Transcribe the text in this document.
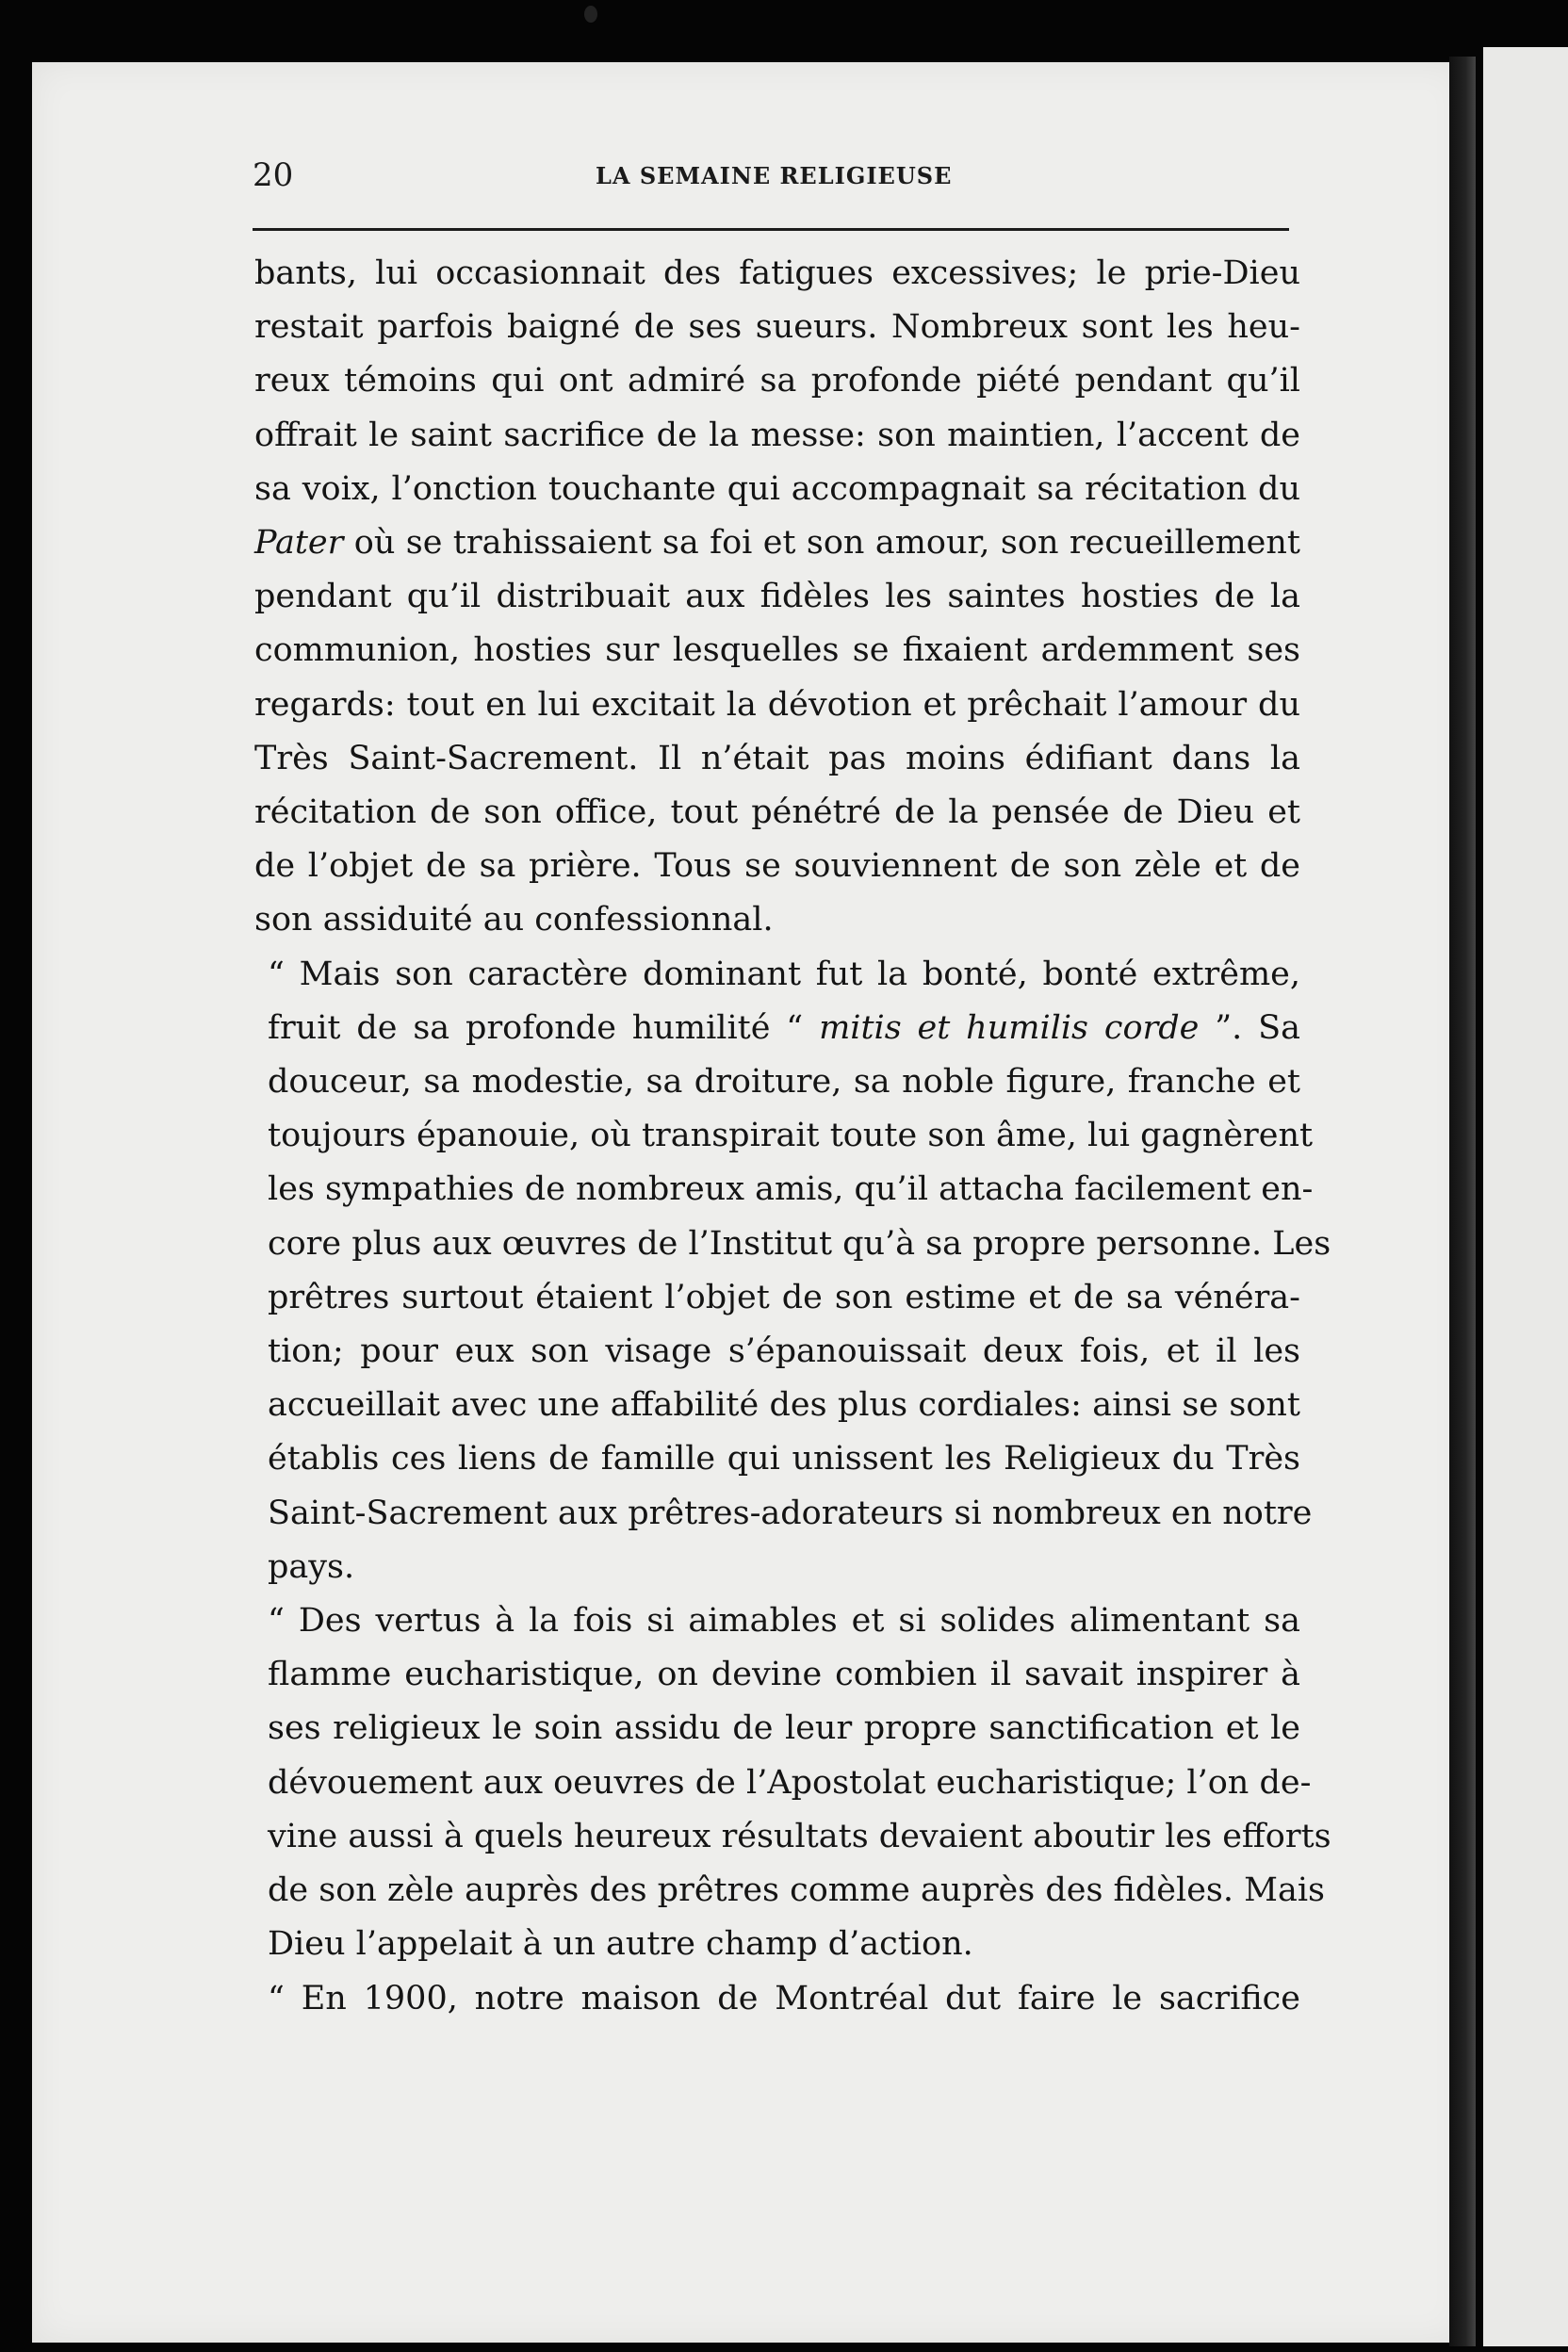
20	LA SEMAINE RELIGIEUSE

bants, lui occasionnait des fatigues excessives; le prie-Dieu
restait parfois baigné de ses sueurs. Nombreux sont les heu-
reux témoins qui ont admiré sa profonde piété pendant qu’il
offrait le saint sacrifice de la messe: son maintien, l’accent de
sa voix, l’onction touchante qui accompagnait sa récitation du
Pater où se trahissaient sa foi et son amour, son recueillement
pendant qu’il distribuait aux fidèles les saintes hosties de la
communion, hosties sur lesquelles se fixaient ardemment ses
regards: tout en lui excitait la dévotion et prêchait l’amour du
Très Saint-Sacrement. Il n’était pas moins édifiant dans la
récitation de son office, tout pénétré de la pensée de Dieu et
de l’objet de sa prière. Tous se souviennent de son zèle et de
son assiduité au confessionnal.

“ Mais son caractère dominant fut la bonté, bonté extrême,
fruit de sa profonde humilité “ mitis et humilis corde ”. Sa
douceur, sa modestie, sa droiture, sa noble figure, franche et
toujours épanouie, où transpirait toute son âme, lui gagnèrent
les sympathies de nombreux amis, qu’il attacha facilement en-
core plus aux œuvres de l’Institut qu’à sa propre personne. Les
prêtres surtout étaient l’objet de son estime et de sa vénéra-
tion; pour eux son visage s’épanouissait deux fois, et il les
accueillait avec une affabilité des plus cordiales: ainsi se sont
établis ces liens de famille qui unissent les Religieux du Très
Saint-Sacrement aux prêtres-adorateurs si nombreux en notre
pays.

“ Des vertus à la fois si aimables et si solides alimentant sa
flamme eucharistique, on devine combien il savait inspirer à
ses religieux le soin assidu de leur propre sanctification et le
dévouement aux oeuvres de l’Apostolat eucharistique; l’on de-
vine aussi à quels heureux résultats devaient aboutir les efforts
de son zèle auprès des prêtres comme auprès des fidèles. Mais
Dieu l’appelait à un autre champ d’action.

“ En 1900, notre maison de Montréal dut faire le sacrifice
